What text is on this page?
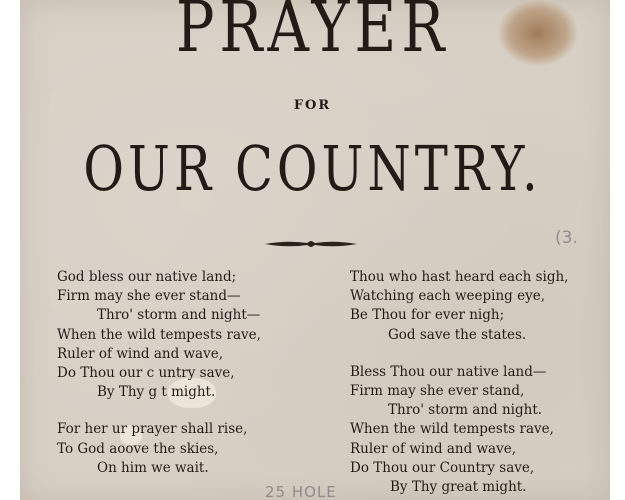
PRAYER
FOR
OUR COUNTRY.
(3.
25 HOLE
God bless our native land;
Firm may she ever stand—
Thro' storm and night—
When the wild tempests rave,
Ruler of wind and wave,
Do Thou our c untry save,
By Thy g t might.
For her ur prayer shall rise,
To God aoove the skies,
On him we wait.
Thou who hast heard each sigh,
Watching each weeping eye,
Be Thou for ever nigh;
God save the states.
Bless Thou our native land—
Firm may she ever stand,
Thro' storm and night.
When the wild tempests rave,
Ruler of wind and wave,
Do Thou our Country save,
By Thy great might.
